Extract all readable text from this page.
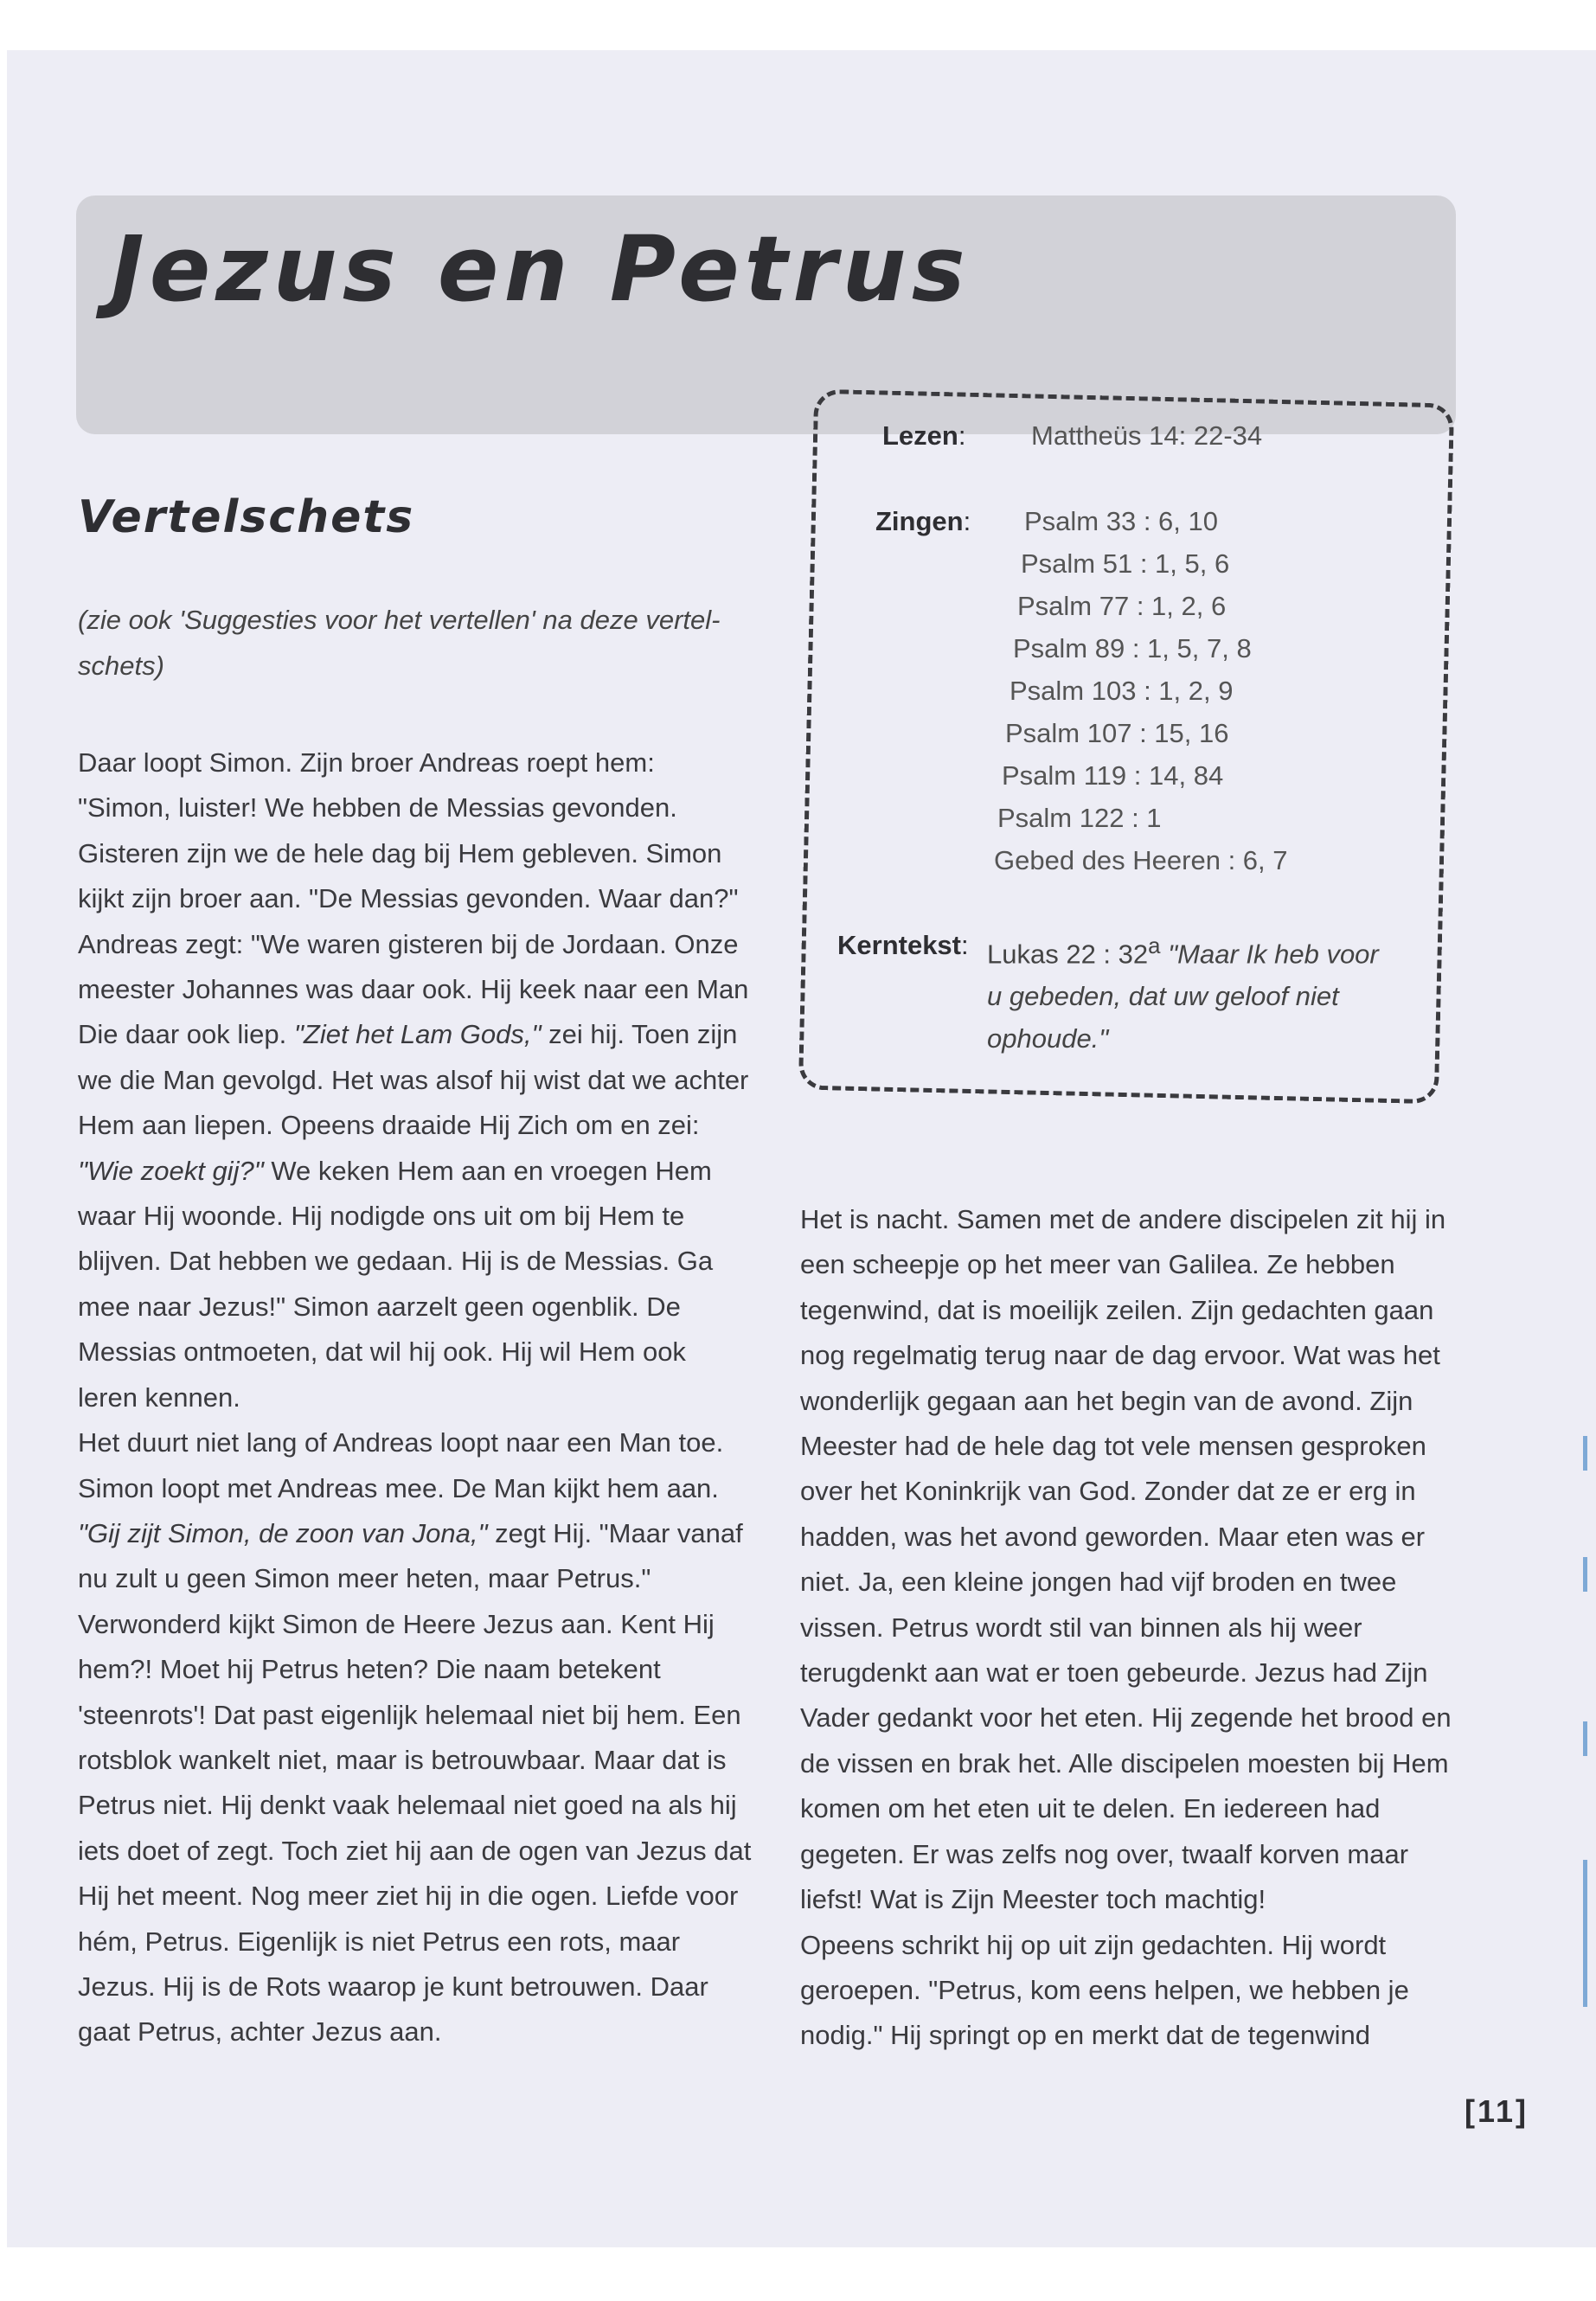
Jezus en Petrus
Vertelschets

(zie ook 'Suggesties voor het vertellen' na deze vertel-schets)

Lezen: Mattheüs 14: 22-34
Zingen: Psalm 33 : 6, 10
Psalm 51 : 1, 5, 6
Psalm 77 : 1, 2, 6
Psalm 89 : 1, 5, 7, 8
Psalm 103 : 1, 2, 9
Psalm 107 : 15, 16
Psalm 119 : 14, 84
Psalm 122 : 1
Gebed des Heeren : 6, 7
Kerntekst: Lukas 22 : 32$^a$ "Maar Ik heb voor u gebeden, dat uw geloof niet ophoude."

Daar loopt Simon. Zijn broer Andreas roept hem: "Simon, luister! We hebben de Messias gevonden. Gisteren zijn we de hele dag bij Hem gebleven. Simon kijkt zijn broer aan. "De Messias gevonden. Waar dan?" Andreas zegt: "We waren gisteren bij de Jordaan. Onze meester Johannes was daar ook. Hij keek naar een Man Die daar ook liep. "Ziet het Lam Gods," zei hij. Toen zijn we die Man gevolgd. Het was alsof hij wist dat we achter Hem aan liepen. Opeens draaide Hij Zich om en zei: "Wie zoekt gij?" We keken Hem aan en vroegen Hem waar Hij woonde. Hij nodigde ons uit om bij Hem te blijven. Dat hebben we gedaan. Hij is de Messias. Ga mee naar Jezus!" Simon aarzelt geen ogenblik. De Messias ontmoeten, dat wil hij ook. Hij wil Hem ook leren kennen.

Het duurt niet lang of Andreas loopt naar een Man toe. Simon loopt met Andreas mee. De Man kijkt hem aan. "Gij zijt Simon, de zoon van Jona," zegt Hij. "Maar vanaf nu zult u geen Simon meer heten, maar Petrus." Verwonderd kijkt Simon de Heere Jezus aan. Kent Hij hem?! Moet hij Petrus heten? Die naam betekent 'steenrots'! Dat past eigenlijk helemaal niet bij hem. Een rotsblok wankelt niet, maar is betrouwbaar. Maar dat is Petrus niet. Hij denkt vaak helemaal niet goed na als hij iets doet of zegt. Toch ziet hij aan de ogen van Jezus dat Hij het meent. Nog meer ziet hij in die ogen. Liefde voor hém, Petrus. Eigenlijk is niet Petrus een rots, maar Jezus. Hij is de Rots waarop je kunt betrouwen. Daar gaat Petrus, achter Jezus aan.

Het is nacht. Samen met de andere discipelen zit hij in een scheepje op het meer van Galilea. Ze hebben tegenwind, dat is moeilijk zeilen. Zijn gedachten gaan nog regelmatig terug naar de dag ervoor. Wat was het wonderlijk gegaan aan het begin van de avond. Zijn Meester had de hele dag tot vele mensen gesproken over het Koninkrijk van God. Zonder dat ze er erg in hadden, was het avond geworden. Maar eten was er niet. Ja, een kleine jongen had vijf broden en twee vissen. Petrus wordt stil van binnen als hij weer terugdenkt aan wat er toen gebeurde. Jezus had Zijn Vader gedankt voor het eten. Hij zegende het brood en de vissen en brak het. Alle discipelen moesten bij Hem komen om het eten uit te delen. En iedereen had gegeten. Er was zelfs nog over, twaalf korven maar liefst! Wat is Zijn Meester toch machtig!

Opeens schrikt hij op uit zijn gedachten. Hij wordt geroepen. "Petrus, kom eens helpen, we hebben je nodig." Hij springt op en merkt dat de tegenwind

[11]
